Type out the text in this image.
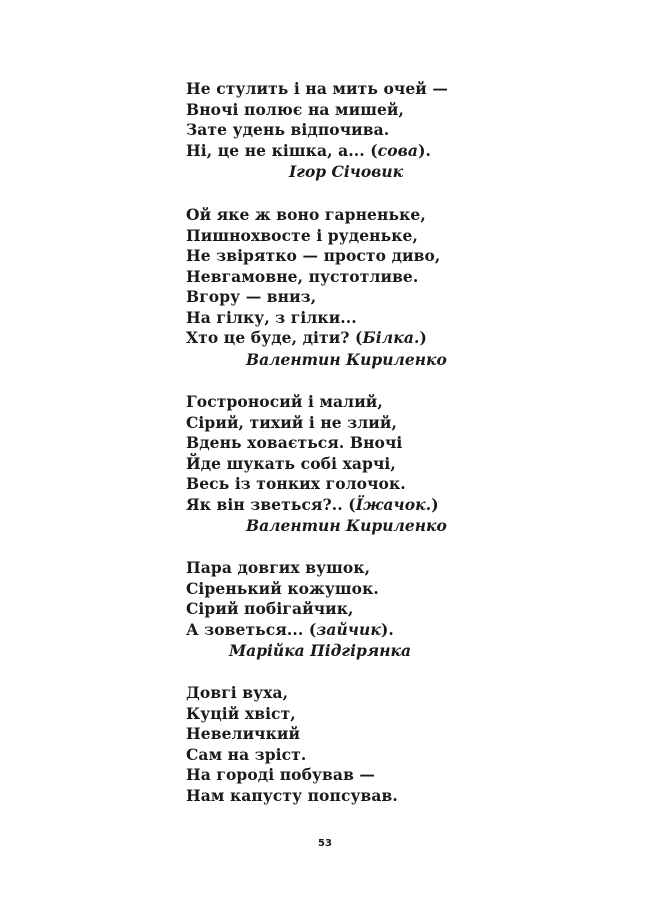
Не стулить і на мить очей —
Вночі полює на мишей,
Зате удень відпочива.
Ні, це не кішка, а... (сова).
Ігор Січовик
Ой яке ж воно гарненьке,
Пишнохвосте і руденьке,
Не звірятко — просто диво,
Невгамовне, пустотливе.
Вгору — вниз,
На гілку, з гілки...
Хто це буде, діти? (Білка.)
Валентин Кириленко
Гостроносий і малий,
Сірий, тихий і не злий,
Вдень ховається. Вночі
Йде шукать собі харчі,
Весь із тонких голочок.
Як він зветься?.. (Їжачок.)
Валентин Кириленко
Пара довгих вушок,
Сіренький кожушок.
Сірий побігайчик,
А зоветься... (зайчик).
Марійка Підгірянка
Довгі вуха,
Куцій хвіст,
Невеличкий
Сам на зріст.
На городі побував —
Нам капусту попсував.
53
